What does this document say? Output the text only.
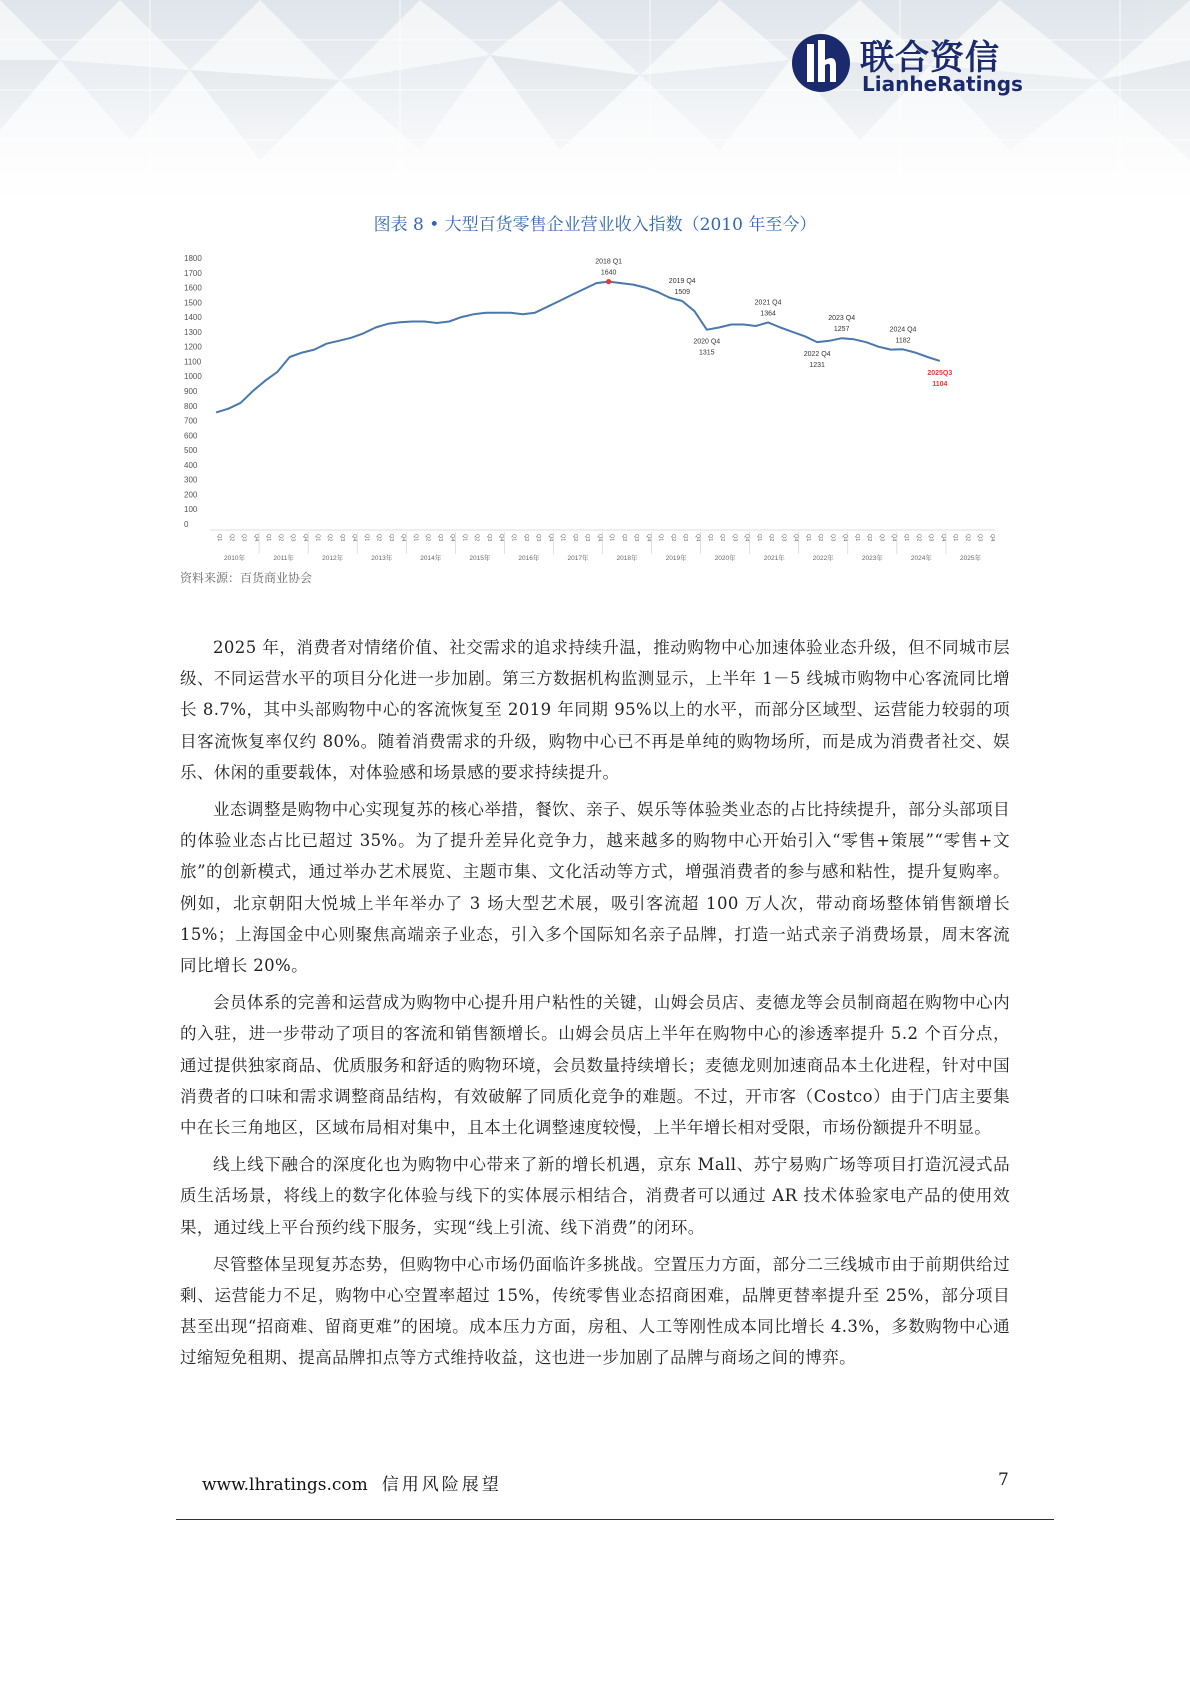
联合资信
LianheRatings
图表 8 • 大型百货零售企业营业收入指数（2010 年至今）
0
100
200
300
400
500
600
700
800
900
1000
1100
1200
1300
1400
1500
1600
1700
1800
Q1 Q2 Q3 Q4 Q1 Q2 Q3 Q4 Q1 Q2 Q3 Q4 Q1 Q2 Q3 Q4 Q1 Q2 Q3 Q4 Q1 Q2 Q3 Q4 Q1 Q2 Q3 Q4 Q1 Q2 Q3 Q4 Q1 Q2 Q3 Q4 Q1 Q2 Q3 Q4 Q1 Q2 Q3 Q4 Q1 Q2 Q3 Q4 Q1 Q2 Q3 Q4 Q1 Q2 Q3 Q4 Q1 Q2 Q3 Q4 Q1 Q2 Q3 Q4
2010年	2011年	2012年	2013年	2014年	2015年	2016年	2017年	2018年	2019年	2020年	2021年	2022年	2023年	2024年	2025年
2018 Q1
1640
2019 Q4
1509
2020 Q4
1315
2021 Q4
1364
2022 Q4
1231
2023 Q4
1257	2024 Q4
1182
2025Q3
1104
资料来源：百货商业协会

2025 年，消费者对情绪价值、社交需求的追求持续升温，推动购物中心加速体验业态升级，但不同城市层级、不同运营水平的项目分化进一步加剧。第三方数据机构监测显示，上半年 1－5 线城市购物中心客流同比增长 8.7%，其中头部购物中心的客流恢复至 2019 年同期 95%以上的水平，而部分区域型、运营能力较弱的项目客流恢复率仅约 80%。随着消费需求的升级，购物中心已不再是单纯的购物场所，而是成为消费者社交、娱乐、休闲的重要载体，对体验感和场景感的要求持续提升。

业态调整是购物中心实现复苏的核心举措，餐饮、亲子、娱乐等体验类业态的占比持续提升，部分头部项目的体验业态占比已超过 35%。为了提升差异化竞争力，越来越多的购物中心开始引入“零售+策展”“零售+文旅”的创新模式，通过举办艺术展览、主题市集、文化活动等方式，增强消费者的参与感和粘性，提升复购率。例如，北京朝阳大悦城上半年举办了 3 场大型艺术展，吸引客流超 100 万人次，带动商场整体销售额增长 15%；上海国金中心则聚焦高端亲子业态，引入多个国际知名亲子品牌，打造一站式亲子消费场景，周末客流同比增长 20%。

会员体系的完善和运营成为购物中心提升用户粘性的关键，山姆会员店、麦德龙等会员制商超在购物中心内的入驻，进一步带动了项目的客流和销售额增长。山姆会员店上半年在购物中心的渗透率提升 5.2 个百分点，通过提供独家商品、优质服务和舒适的购物环境，会员数量持续增长；麦德龙则加速商品本土化进程，针对中国消费者的口味和需求调整商品结构，有效破解了同质化竞争的难题。不过，开市客（Costco）由于门店主要集中在长三角地区，区域布局相对集中，且本土化调整速度较慢，上半年增长相对受限，市场份额提升不明显。

线上线下融合的深度化也为购物中心带来了新的增长机遇，京东 Mall、苏宁易购广场等项目打造沉浸式品质生活场景，将线上的数字化体验与线下的实体展示相结合，消费者可以通过 AR 技术体验家电产品的使用效果，通过线上平台预约线下服务，实现“线上引流、线下消费”的闭环。

尽管整体呈现复苏态势，但购物中心市场仍面临许多挑战。空置压力方面，部分二三线城市由于前期供给过剩、运营能力不足，购物中心空置率超过 15%，传统零售业态招商困难，品牌更替率提升至 25%，部分项目甚至出现“招商难、留商更难”的困境。成本压力方面，房租、人工等刚性成本同比增长 4.3%，多数购物中心通过缩短免租期、提高品牌扣点等方式维持收益，这也进一步加剧了品牌与商场之间的博弈。

www.lhratings.com 信用风险展望	7
